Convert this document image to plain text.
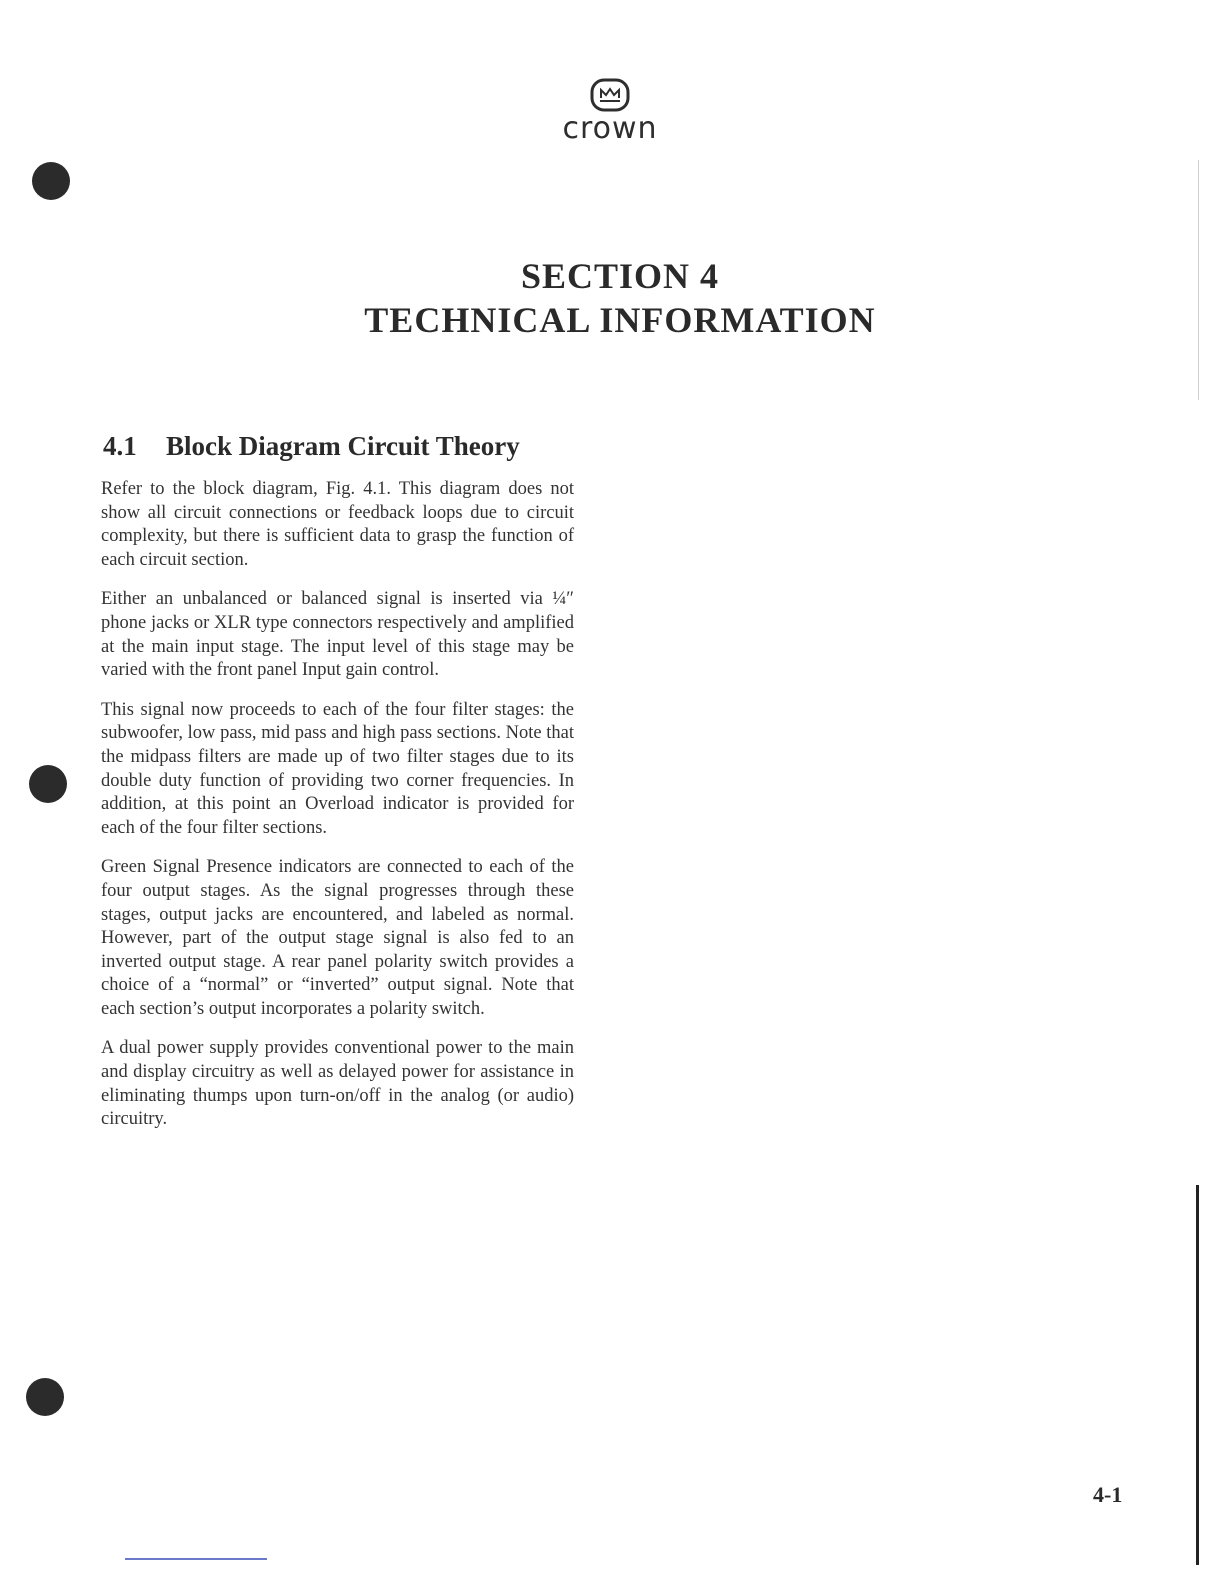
crown
SECTION 4
TECHNICAL INFORMATION
4.1 Block Diagram Circuit Theory

Refer to the block diagram, Fig. 4.1. This diagram does not show all circuit connections or feedback loops due to circuit complexity, but there is sufficient data to grasp the function of each circuit section.

Either an unbalanced or balanced signal is inserted via ¼″ phone jacks or XLR type connectors respectively and amplified at the main input stage. The input level of this stage may be varied with the front panel Input gain control.

This signal now proceeds to each of the four filter stages: the subwoofer, low pass, mid pass and high pass sections. Note that the midpass filters are made up of two filter stages due to its double duty function of providing two corner frequencies. In addition, at this point an Overload indicator is provided for each of the four filter sections.

Green Signal Presence indicators are connected to each of the four output stages. As the signal progresses through these stages, output jacks are encountered, and labeled as normal. However, part of the output stage signal is also fed to an inverted output stage. A rear panel polarity switch provides a choice of a “normal” or “inverted” output signal. Note that each section’s output incorporates a polarity switch.

A dual power supply provides conventional power to the main and display circuitry as well as delayed power for assistance in eliminating thumps upon turn-on/off in the analog (or audio) circuitry.

4-1
